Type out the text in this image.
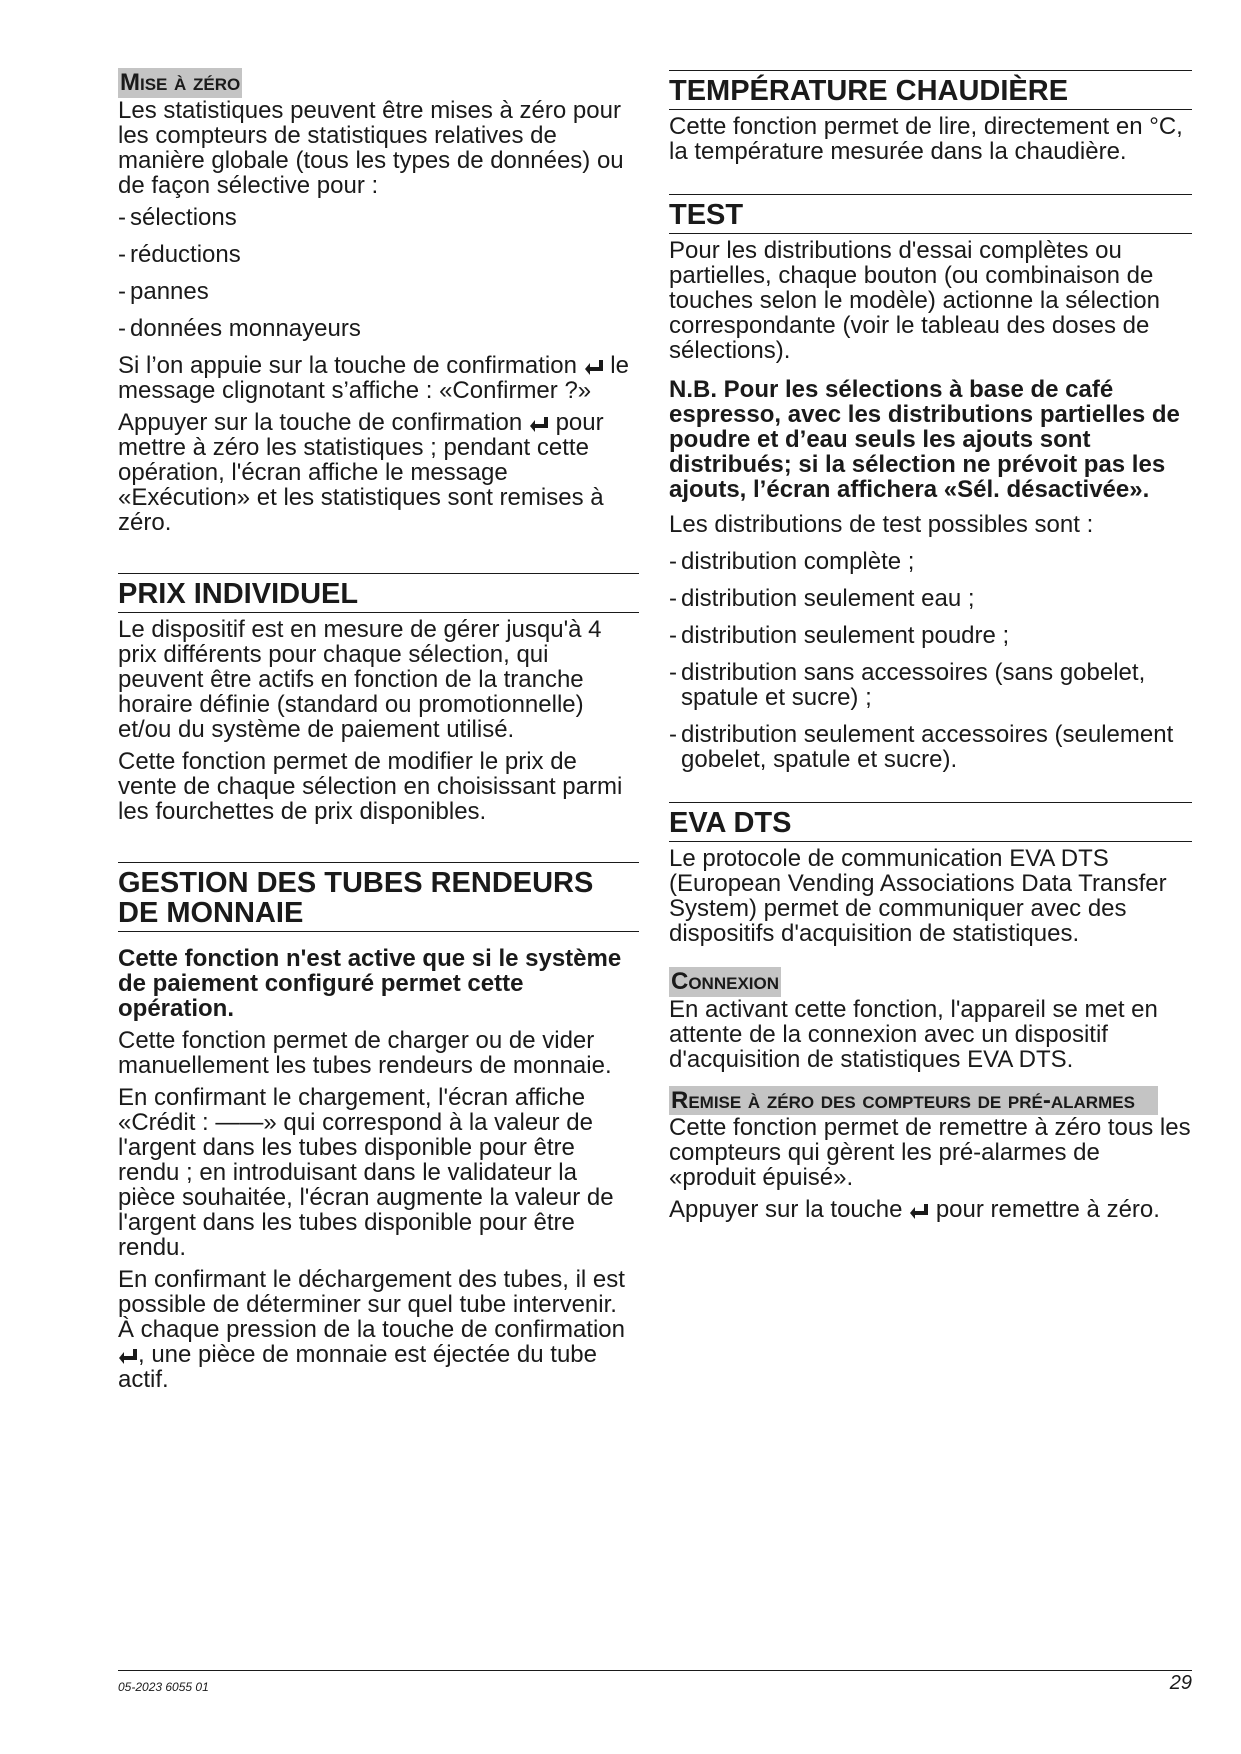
Mise à zéro

Les statistiques peuvent être mises à zéro pour les compteurs de statistiques relatives de manière globale (tous les types de données) ou de façon sélective pour :

- sélections
- réductions
- pannes
- données monnayeurs

Si l’on appuie sur la touche de confirmation le message clignotant s’affiche : «Confirmer ?»

Appuyer sur la touche de confirmation pour mettre à zéro les statistiques ; pendant cette opération, l'écran affiche le message «Exécution» et les statistiques sont remises à zéro.

PRIX INDIVIDUEL

Le dispositif est en mesure de gérer jusqu'à 4 prix différents pour chaque sélection, qui peuvent être actifs en fonction de la tranche horaire définie (standard ou promotionnelle) et/ou du système de paiement utilisé.

Cette fonction permet de modifier le prix de vente de chaque sélection en choisissant parmi les fourchettes de prix disponibles.

GESTION DES TUBES RENDEURS DE MONNAIE

Cette fonction n'est active que si le système de paiement configuré permet cette opération.

Cette fonction permet de charger ou de vider manuellement les tubes rendeurs de monnaie.

En confirmant le chargement, l'écran affiche «Crédit : ——» qui correspond à la valeur de l'argent dans les tubes disponible pour être rendu ; en introduisant dans le validateur la pièce souhaitée, l'écran augmente la valeur de l'argent dans les tubes disponible pour être rendu.

En confirmant le déchargement des tubes, il est possible de déterminer sur quel tube intervenir. À chaque pression de la touche de confirmation , une pièce de monnaie est éjectée du tube actif.

TEMPÉRATURE CHAUDIÈRE

Cette fonction permet de lire, directement en °C, la température mesurée dans la chaudière.

TEST

Pour les distributions d'essai complètes ou partielles, chaque bouton (ou combinaison de touches selon le modèle) actionne la sélection correspondante (voir le tableau des doses de sélections).

N.B. Pour les sélections à base de café espresso, avec les distributions partielles de poudre et d’eau seuls les ajouts sont distribués; si la sélection ne prévoit pas les ajouts, l’écran affichera «Sél. désactivée».

Les distributions de test possibles sont :

- distribution complète ;
- distribution seulement eau ;
- distribution seulement poudre ;
- distribution sans accessoires (sans gobelet, spatule et sucre) ;
- distribution seulement accessoires (seulement gobelet, spatule et sucre).
EVA DTS

Le protocole de communication EVA DTS (European Vending Associations Data Transfer System) permet de communiquer avec des dispositifs d'acquisition de statistiques.

Connexion

En activant cette fonction, l'appareil se met en attente de la connexion avec un dispositif d'acquisition de statistiques EVA DTS.

Remise à zéro des compteurs de pré-alarmes

Cette fonction permet de remettre à zéro tous les compteurs qui gèrent les pré-alarmes de «produit épuisé».

Appuyer sur la touche pour remettre à zéro.

05-2023 6055 01	29
